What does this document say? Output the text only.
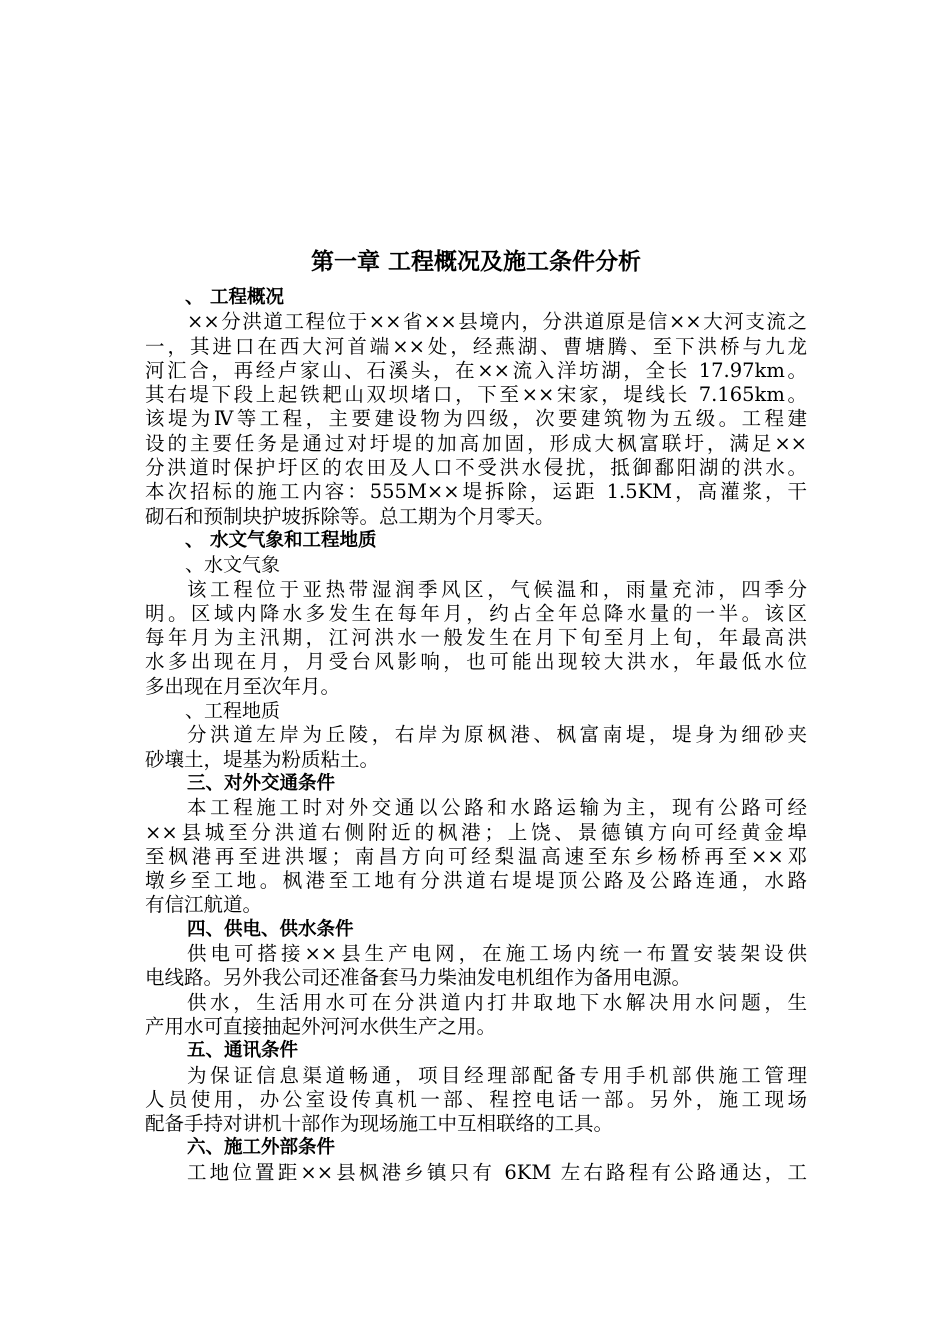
第一章 工程概况及施工条件分析
、 工程概况
××分洪道工程位于××省××县境内，分洪道原是信××大河支流之
一，其进口在西大河首端××处，经燕湖、曹塘腾、至下洪桥与九龙
河汇合，再经卢家山、石溪头，在××流入洋坊湖，全长 17.97km。
其右堤下段上起铁耙山双坝堵口，下至××宋家，堤线长 7.165km。
该堤为Ⅳ等工程，主要建设物为四级，次要建筑物为五级。工程建
设的主要任务是通过对圩堤的加高加固，形成大枫富联圩，满足××
分洪道时保护圩区的农田及人口不受洪水侵扰，抵御鄱阳湖的洪水。
本次招标的施工内容：555M××堤拆除，运距 1.5KM，高灌浆，干
砌石和预制块护坡拆除等。总工期为个月零天。
、 水文气象和工程地质
、水文气象
该工程位于亚热带湿润季风区，气候温和，雨量充沛，四季分
明。区域内降水多发生在每年月，约占全年总降水量的一半。该区
每年月为主汛期，江河洪水一般发生在月下旬至月上旬，年最高洪
水多出现在月，月受台风影响，也可能出现较大洪水，年最低水位
多出现在月至次年月。
、工程地质
分洪道左岸为丘陵，右岸为原枫港、枫富南堤，堤身为细砂夹
砂壤土，堤基为粉质粘土。
三、对外交通条件
本工程施工时对外交通以公路和水路运输为主，现有公路可经
××县城至分洪道右侧附近的枫港；上饶、景德镇方向可经黄金埠
至枫港再至进洪堰；南昌方向可经梨温高速至东乡杨桥再至××邓
墩乡至工地。枫港至工地有分洪道右堤堤顶公路及公路连通，水路
有信江航道。
四、供电、供水条件
供电可搭接××县生产电网，在施工场内统一布置安装架设供
电线路。另外我公司还准备套马力柴油发电机组作为备用电源。
供水，生活用水可在分洪道内打井取地下水解决用水问题，生
产用水可直接抽起外河河水供生产之用。
五、通讯条件
为保证信息渠道畅通，项目经理部配备专用手机部供施工管理
人员使用，办公室设传真机一部、程控电话一部。另外，施工现场
配备手持对讲机十部作为现场施工中互相联络的工具。
六、施工外部条件
工地位置距××县枫港乡镇只有 6KM 左右路程有公路通达，工
